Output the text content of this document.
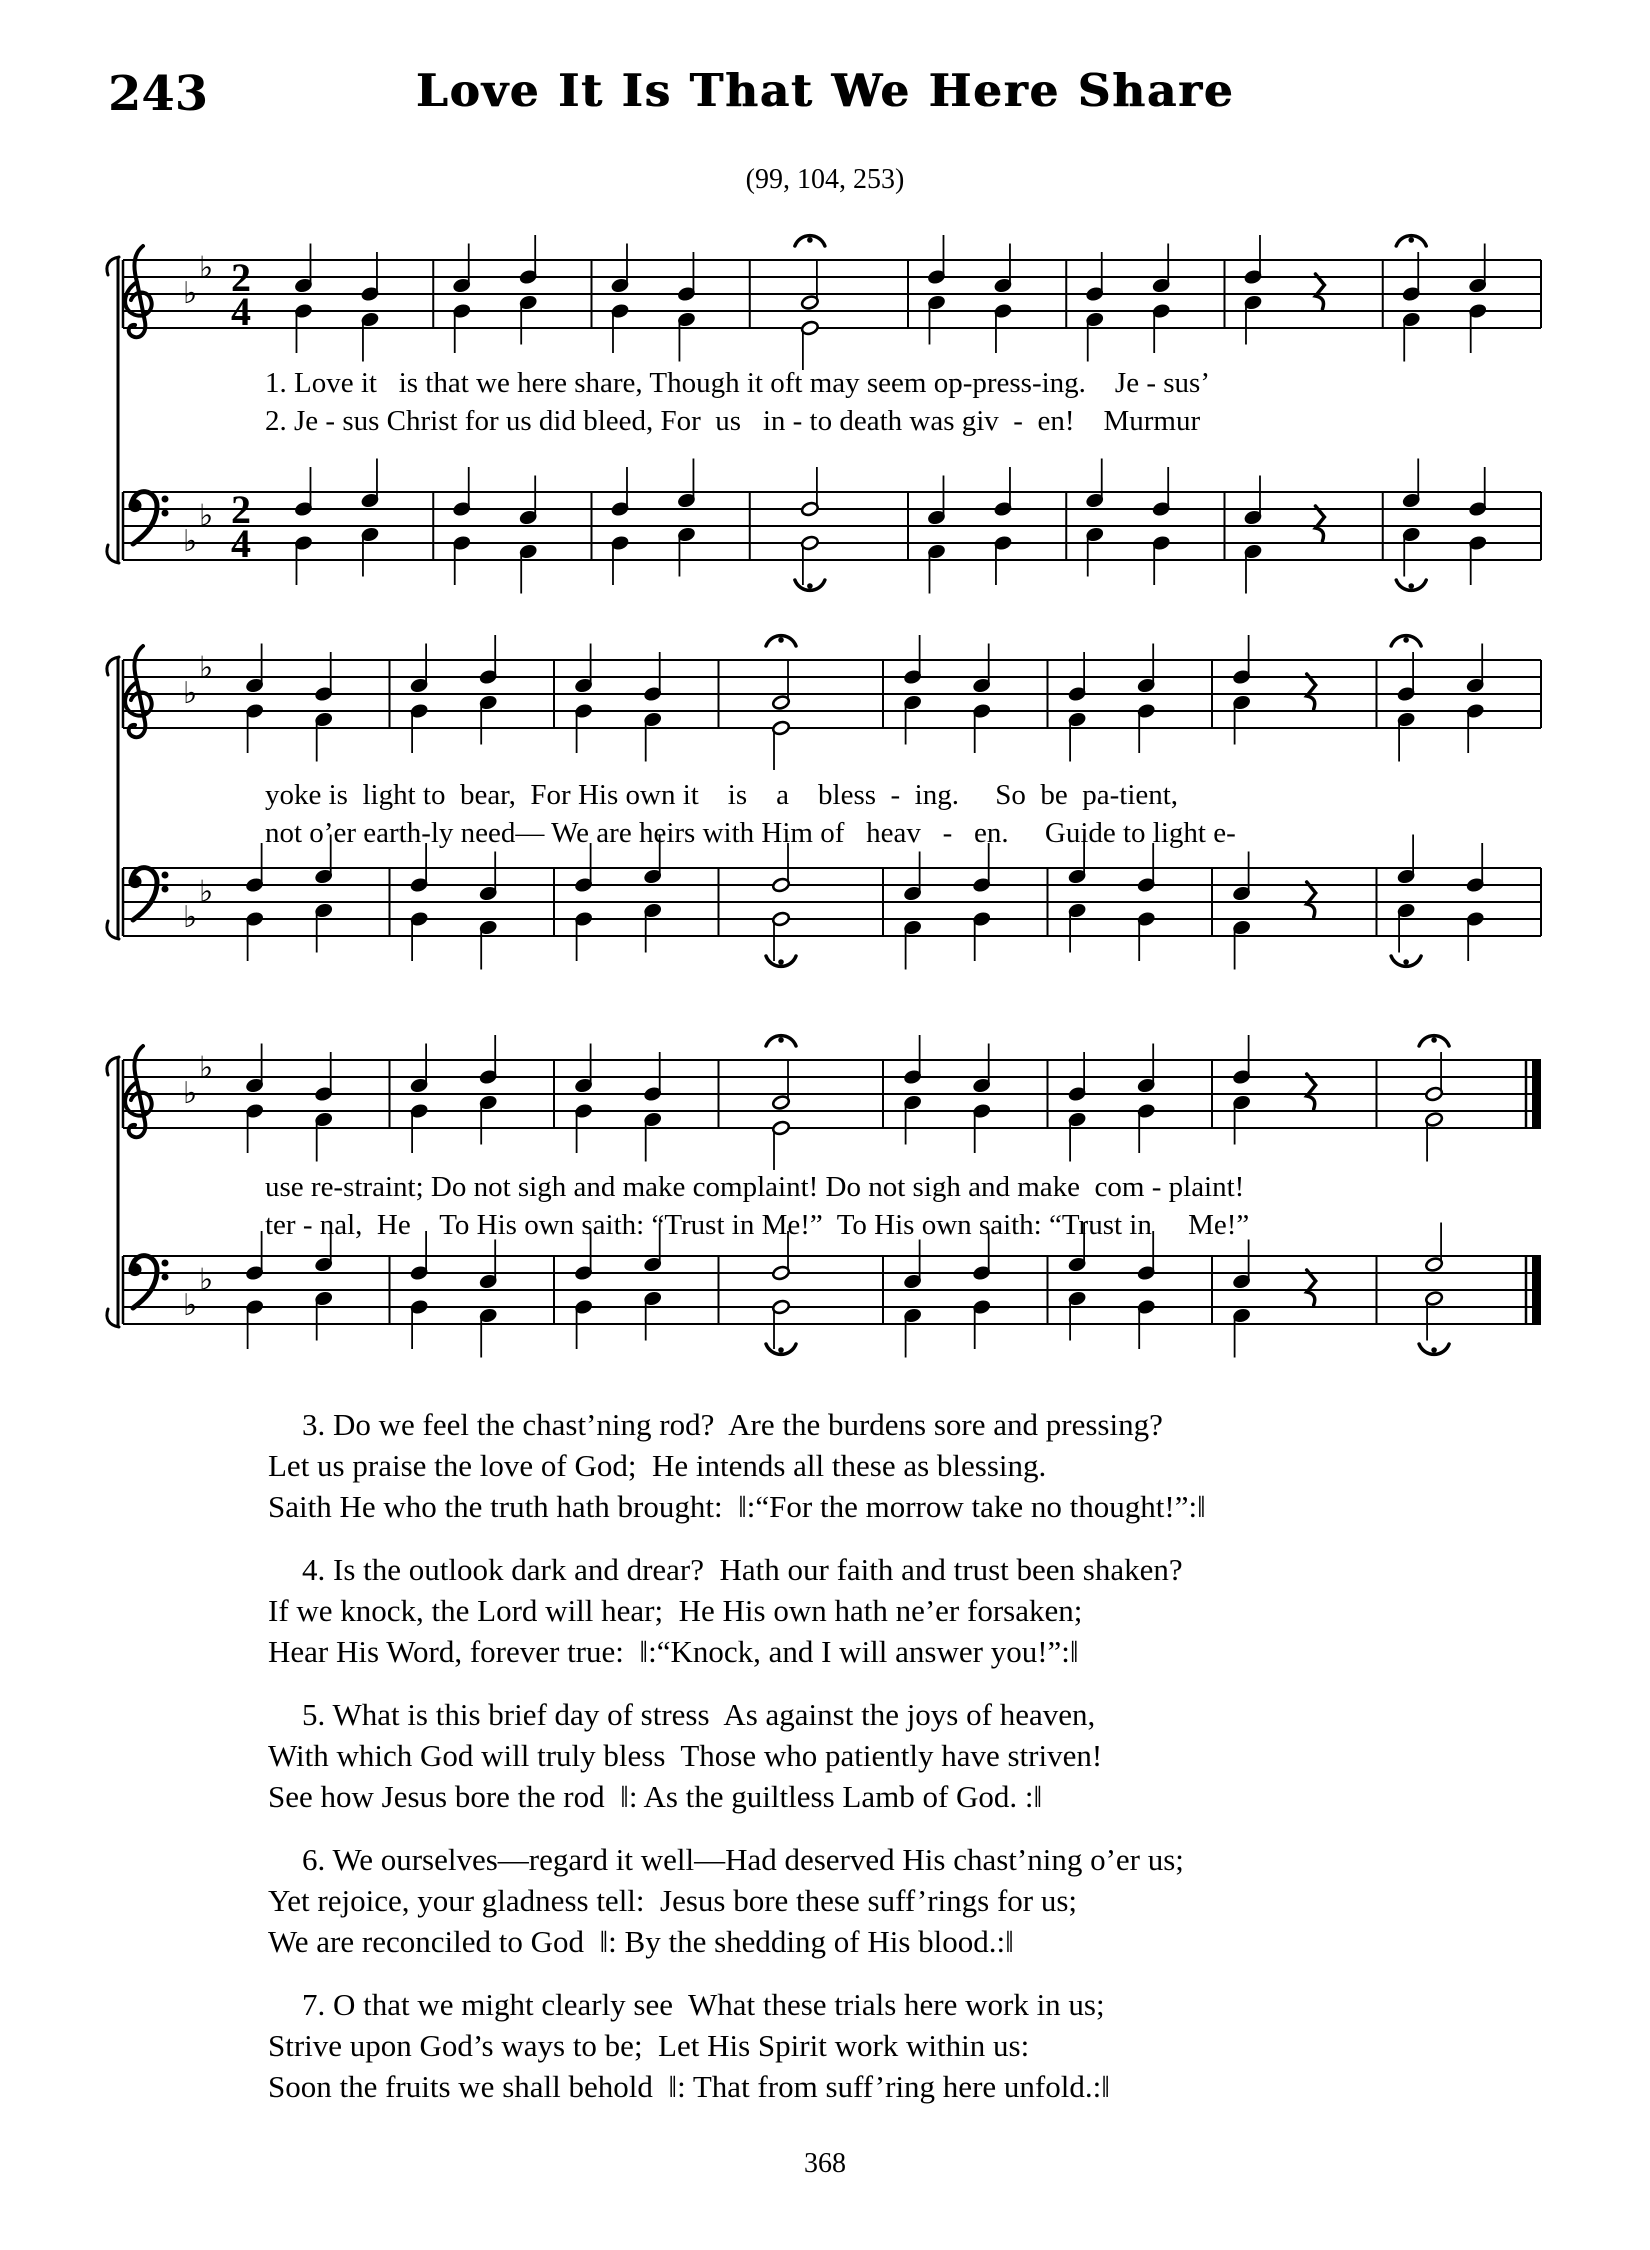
243	Love It Is That We Here Share
(99, 104, 253)
♭
♭ 2
4
1. Love it   is that we here share, Though it oft may seem op-press-ing.    Je - sus’
2. Je - sus Christ for us did bleed, For  us   in - to death was giv  -  en!    Murmur
♭
♭ 2
4
♭
♭
yoke is  light to  bear,  For His own it    is    a    bless  -  ing.     So  be  pa-tient,
not o’er earth-ly need— We are heirs with Him of   heav   -   en.     Guide to light e-
♭
♭
♭
♭
use re-straint; Do not sigh and make complaint! Do not sigh and make  com - plaint!
ter - nal,  He    To His own saith: “Trust in Me!”  To His own saith: “Trust in     Me!”
♭
♭
3. Do we feel the chast’ning rod?  Are the burdens sore and pressing?
Let us praise the love of God;  He intends all these as blessing.
Saith He who the truth hath brought:  ‖:“For the morrow take no thought!”:‖
4. Is the outlook dark and drear?  Hath our faith and trust been shaken?
If we knock, the Lord will hear;  He His own hath ne’er forsaken;
Hear His Word, forever true:  ‖:“Knock, and I will answer you!”:‖
5. What is this brief day of stress  As against the joys of heaven,
With which God will truly bless  Those who patiently have striven!
See how Jesus bore the rod  ‖: As the guiltless Lamb of God. :‖
6. We ourselves—regard it well—Had deserved His chast’ning o’er us;
Yet rejoice, your gladness tell:  Jesus bore these suff’rings for us;
We are reconciled to God  ‖: By the shedding of His blood.:‖
7. O that we might clearly see  What these trials here work in us;
Strive upon God’s ways to be;  Let His Spirit work within us:
Soon the fruits we shall behold  ‖: That from suff’ring here unfold.:‖
368
